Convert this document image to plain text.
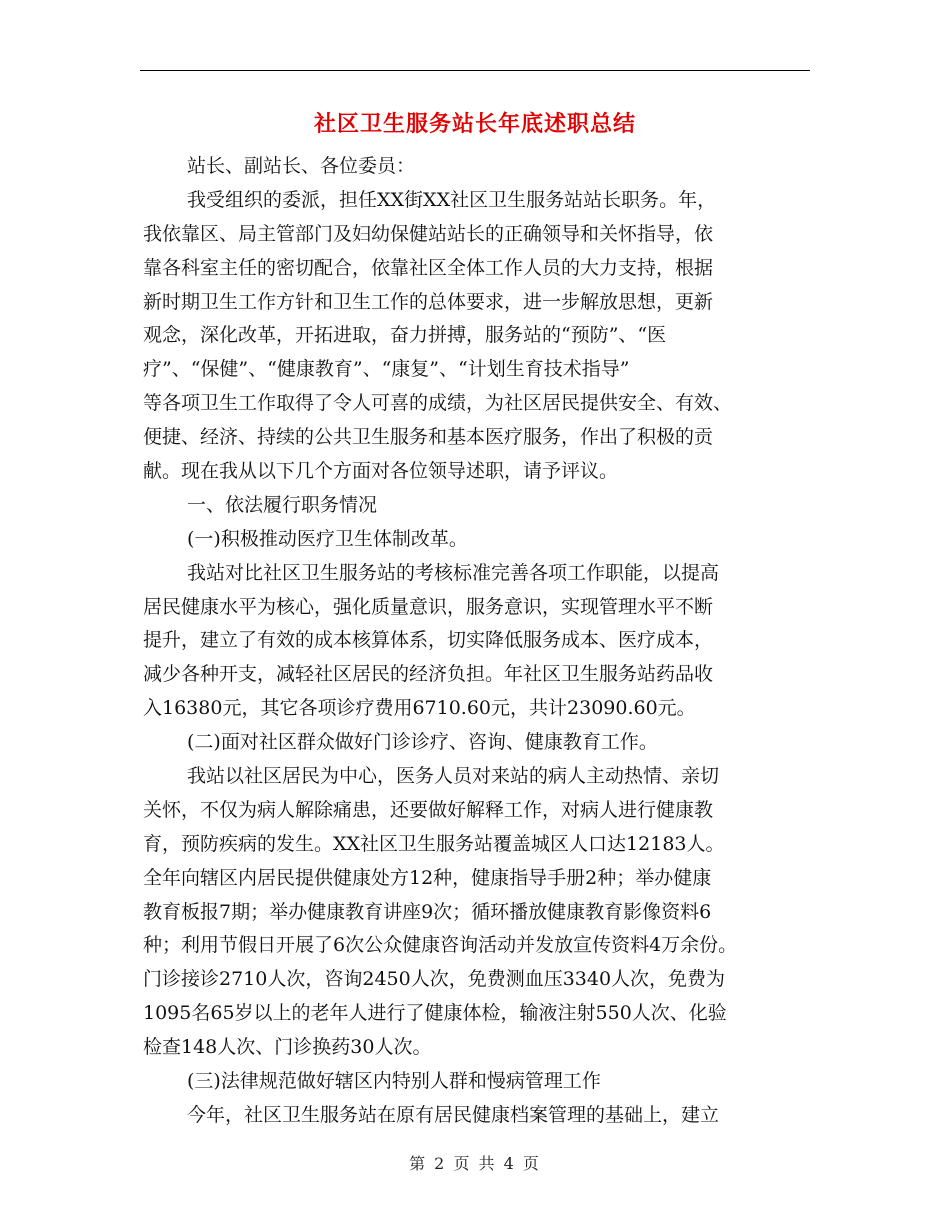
社区卫生服务站长年底述职总结
站长、副站长、各位委员：
我受组织的委派，担任XX街XX社区卫生服务站站长职务。年，
我依靠区、局主管部门及妇幼保健站站长的正确领导和关怀指导，依
靠各科室主任的密切配合，依靠社区全体工作人员的大力支持，根据
新时期卫生工作方针和卫生工作的总体要求，进一步解放思想，更新
观念，深化改革，开拓进取，奋力拼搏，服务站的“预防”、“医
疗”、“保健”、“健康教育”、“康复”、“计划生育技术指导”
等各项卫生工作取得了令人可喜的成绩，为社区居民提供安全、有效、
便捷、经济、持续的公共卫生服务和基本医疗服务，作出了积极的贡
献。现在我从以下几个方面对各位领导述职，请予评议。
一、依法履行职务情况
(一)积极推动医疗卫生体制改革。
我站对比社区卫生服务站的考核标准完善各项工作职能，以提高
居民健康水平为核心，强化质量意识，服务意识，实现管理水平不断
提升，建立了有效的成本核算体系，切实降低服务成本、医疗成本，
减少各种开支，减轻社区居民的经济负担。年社区卫生服务站药品收
入16380元，其它各项诊疗费用6710.60元，共计23090.60元。
(二)面对社区群众做好门诊诊疗、咨询、健康教育工作。
我站以社区居民为中心，医务人员对来站的病人主动热情、亲切
关怀，不仅为病人解除痛患，还要做好解释工作，对病人进行健康教
育，预防疾病的发生。XX社区卫生服务站覆盖城区人口达12183人。
全年向辖区内居民提供健康处方12种，健康指导手册2种；举办健康
教育板报7期；举办健康教育讲座9次；循环播放健康教育影像资料6
种；利用节假日开展了6次公众健康咨询活动并发放宣传资料4万余份。
门诊接诊2710人次，咨询2450人次，免费测血压3340人次，免费为
1095名65岁以上的老年人进行了健康体检，输液注射550人次、化验
检查148人次、门诊换药30人次。
(三)法律规范做好辖区内特别人群和慢病管理工作
今年，社区卫生服务站在原有居民健康档案管理的基础上，建立
第 2 页 共 4 页
